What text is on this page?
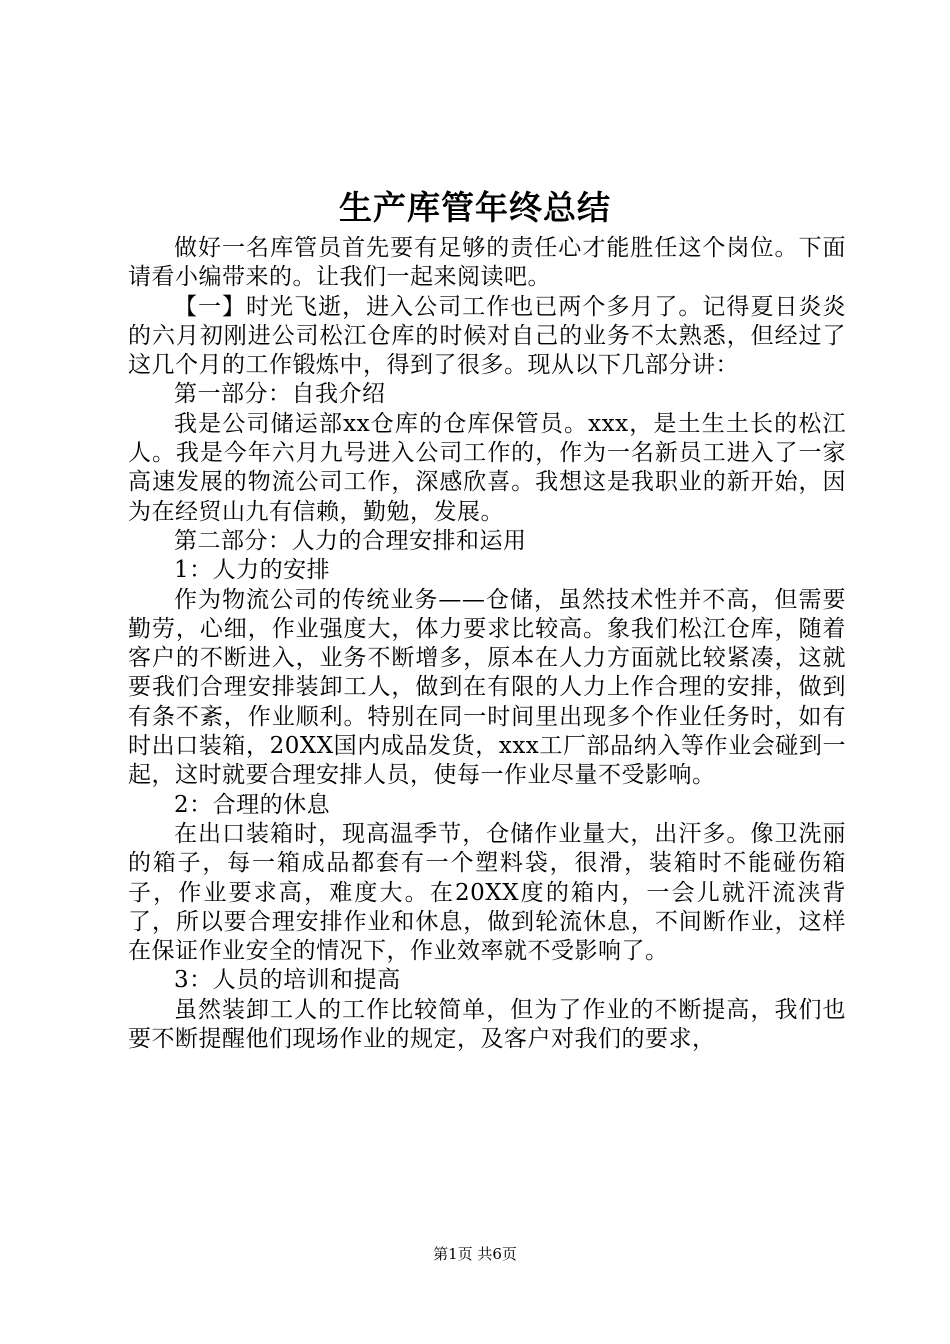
生产库管年终总结

做好一名库管员首先要有足够的责任心才能胜任这个岗位。下面请看小编带来的。让我们一起来阅读吧。

【一】时光飞逝，进入公司工作也已两个多月了。记得夏日炎炎的六月初刚进公司松江仓库的时候对自己的业务不太熟悉，但经过了这几个月的工作锻炼中，得到了很多。现从以下几部分讲：

第一部分：自我介绍

我是公司储运部xx仓库的仓库保管员。xxx，是土生土长的松江人。我是今年六月九号进入公司工作的，作为一名新员工进入了一家高速发展的物流公司工作，深感欣喜。我想这是我职业的新开始，因为在经贸山九有信赖，勤勉，发展。

第二部分：人力的合理安排和运用

1：人力的安排

作为物流公司的传统业务——仓储，虽然技术性并不高，但需要勤劳，心细，作业强度大，体力要求比较高。象我们松江仓库，随着客户的不断进入，业务不断增多，原本在人力方面就比较紧凑，这就要我们合理安排装卸工人，做到在有限的人力上作合理的安排，做到有条不紊，作业顺利。特别在同一时间里出现多个作业任务时，如有时出口装箱，20XX国内成品发货，xxx工厂部品纳入等作业会碰到一起，这时就要合理安排人员，使每一作业尽量不受影响。

2：合理的休息

在出口装箱时，现高温季节，仓储作业量大，出汗多。像卫洗丽的箱子，每一箱成品都套有一个塑料袋，很滑，装箱时不能碰伤箱子，作业要求高，难度大。在20XX度的箱内，一会儿就汗流浃背了，所以要合理安排作业和休息，做到轮流休息，不间断作业，这样在保证作业安全的情况下，作业效率就不受影响了。

3：人员的培训和提高

虽然装卸工人的工作比较简单，但为了作业的不断提高，我们也要不断提醒他们现场作业的规定，及客户对我们的要求，

第1页 共6页
